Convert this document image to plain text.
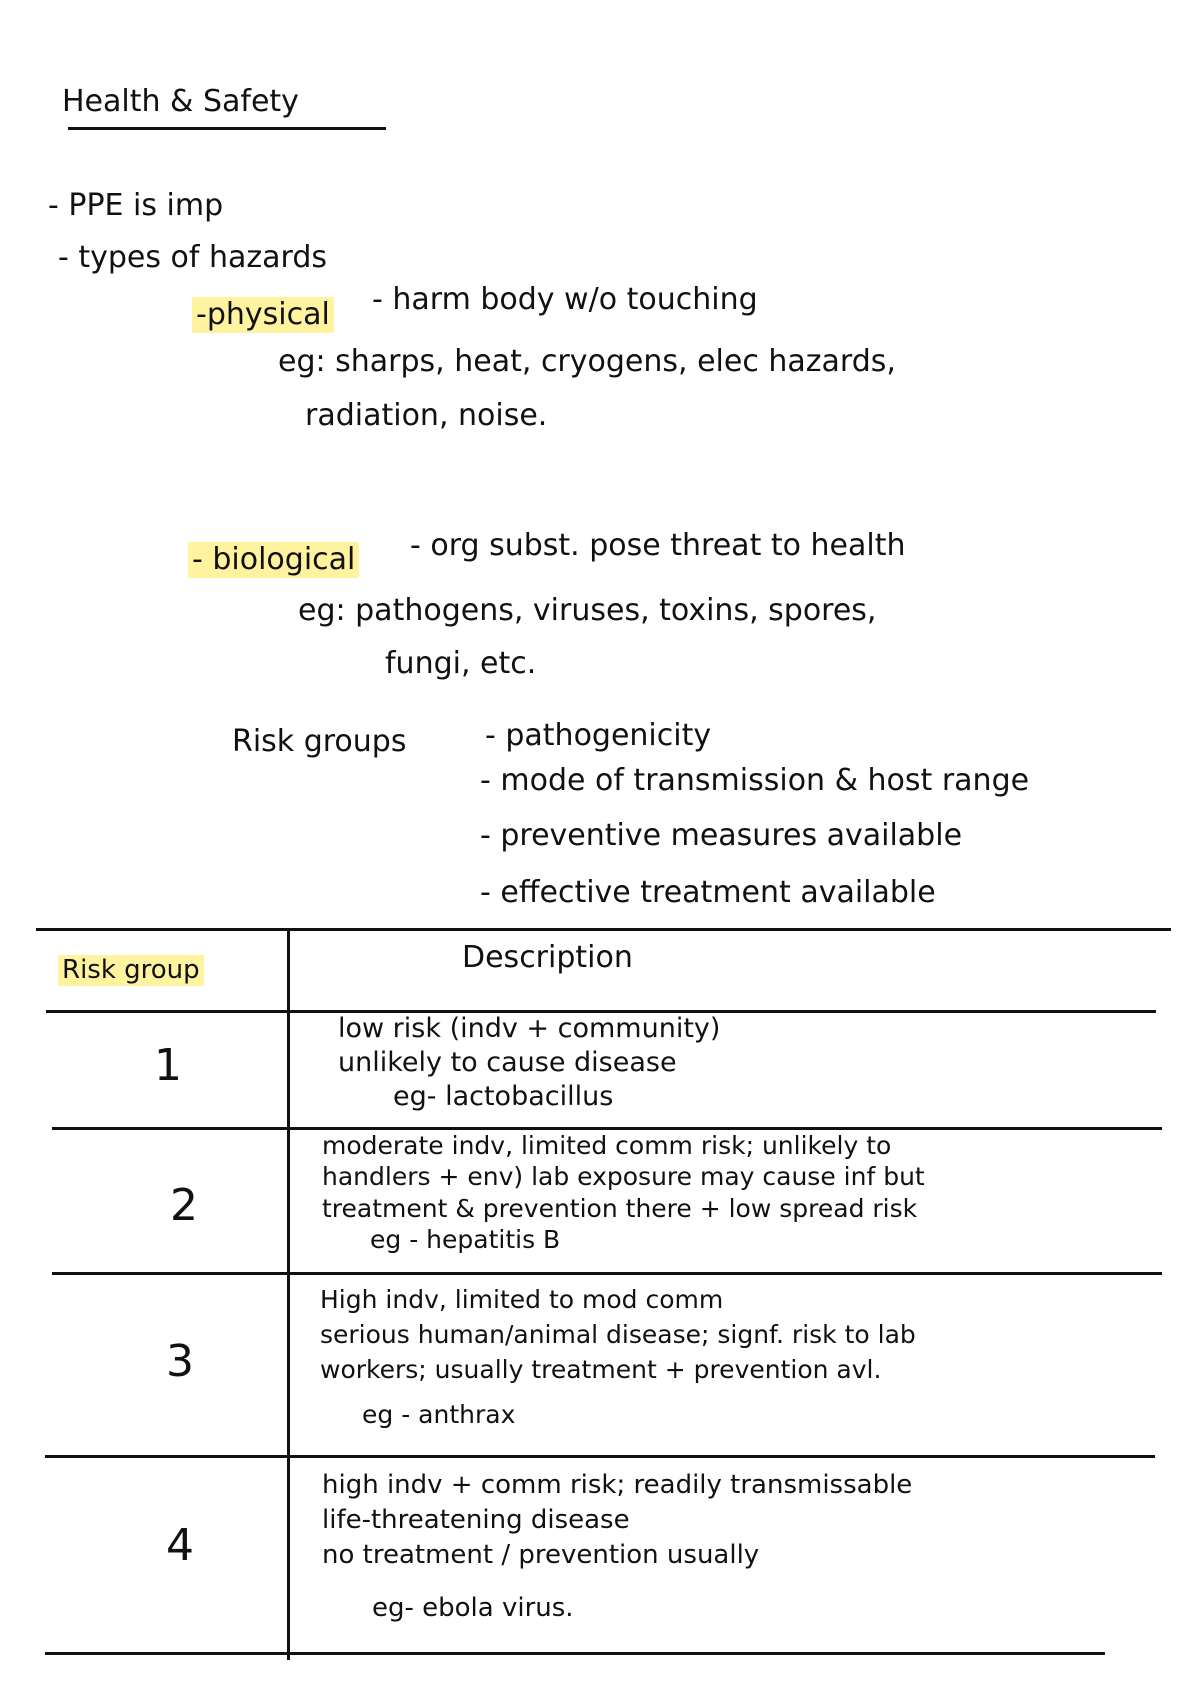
Health & Safety
- PPE is imp
- types of hazards
-physical - harm body w/o touching
eg: sharps, heat, cryogens, elec hazards,
radiation, noise.
- biological - org subst. pose threat to health
eg: pathogens, viruses, toxins, spores,
fungi, etc.
Risk groups	- pathogenicity
- mode of transmission & host range
- preventive measures available
- effective treatment available
Risk group	Description
1
low risk (indv + community)
unlikely to cause disease
eg- lactobacillus
2
moderate indv, limited comm risk; unlikely to
handlers + env) lab exposure may cause inf but
treatment & prevention there + low spread risk
eg - hepatitis B
3
High indv, limited to mod comm
serious human/animal disease; signf. risk to lab
workers; usually treatment + prevention avl.
eg - anthrax
4
high indv + comm risk; readily transmissable
life-threatening disease
no treatment / prevention usually
eg- ebola virus.
